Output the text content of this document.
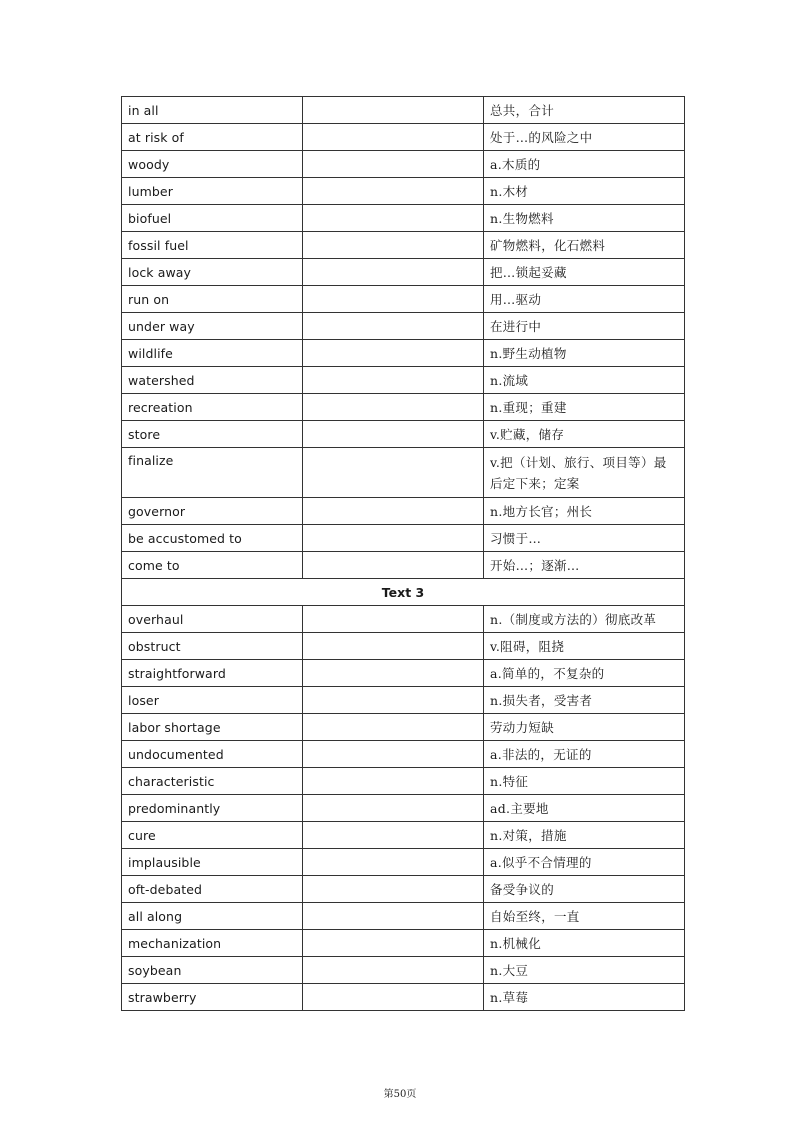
in all		总共，合计
at risk of		处于…的风险之中
woody		a.木质的
lumber		n.木材
biofuel		n.生物燃料
fossil fuel		矿物燃料，化石燃料
lock away		把…锁起妥藏
run on		用…驱动
under way		在进行中
wildlife		n.野生动植物
watershed		n.流域
recreation		n.重现；重建
store		v.贮藏，储存
finalize		v.把（计划、旅行、项目等）最后定下来；定案
governor		n.地方长官；州长
be accustomed to		习惯于…
come to		开始…；逐渐…
Text 3		
overhaul		n.（制度或方法的）彻底改革
obstruct		v.阻碍，阻挠
straightforward		a.简单的，不复杂的
loser		n.损失者，受害者
labor shortage		劳动力短缺
undocumented		a.非法的，无证的
characteristic		n.特征
predominantly		ad.主要地
cure		n.对策，措施
implausible		a.似乎不合情理的
oft-debated		备受争议的
all along		自始至终，一直
mechanization		n.机械化
soybean		n.大豆
strawberry		n.草莓
第50页
